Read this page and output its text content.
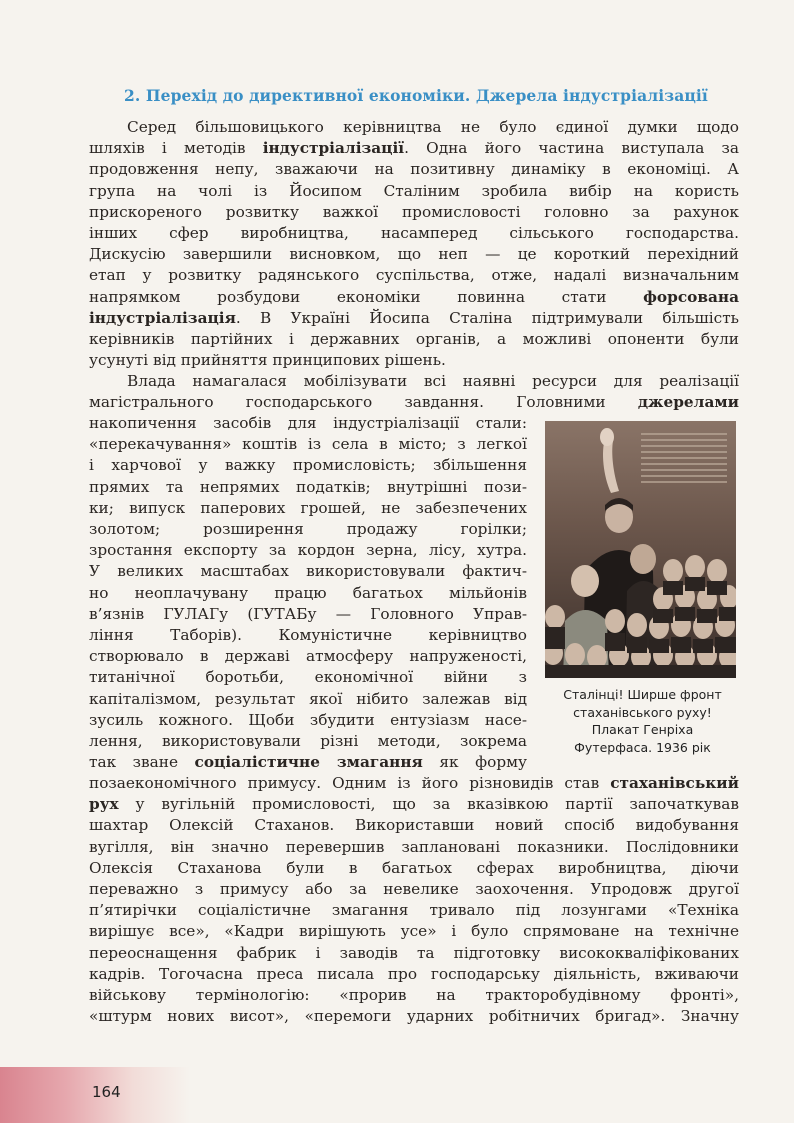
2. Перехід до директивної економіки. Джерела індустріалізації
Серед більшовицького керівництва не було єдиної думки щодо
шляхів і методів індустріалізації. Одна його частина виступала за
продовження непу, зважаючи на позитивну динаміку в економіці. А
група на чолі із Йосипом Сталіним зробила вибір на користь
прискореного розвитку важкої промисловості головно за рахунок
інших сфер виробництва, насамперед сільського господарства.
Дискусію завершили висновком, що неп — це короткий перехідний
етап у розвитку радянського суспільства, отже, надалі визначальним
напрямком розбудови економіки повинна стати форсована
індустріалізація. В Україні Йосипа Сталіна підтримували більшість
керівників партійних і державних органів, а можливі опоненти були
усунуті від прийняття принципових рішень.
Влада намагалася мобілізувати всі наявні ресурси для реалізації
магістрального господарського завдання. Головними джерелами
накопичення засобів для індустріалізації стали:
«перекачування» коштів із села в місто; з легкої
і харчової у важку промисловість; збільшення
прямих та непрямих податків; внутрішні пози-
ки; випуск паперових грошей, не забезпечених
золотом; розширення продажу горілки;
зростання експорту за кордон зерна, лісу, хутра.
У великих масштабах використовували фактич-
но неоплачувану працю багатьох мільйонів
в’язнів ГУЛАГу (ГУТАБу — Головного Управ-
ління Таборів). Комуністичне керівництво
створювало в державі атмосферу напруженості,
титанічної боротьби, економічної війни з
капіталізмом, результат якої нібито залежав від
зусиль кожного. Щоби збудити ентузіазм насе-
лення, використовували різні методи, зокрема
так зване соціалістичне змагання як форму
позаекономічного примусу. Одним із його різновидів став стаханівський
рух у вугільній промисловості, що за вказівкою партії започаткував
шахтар Олексій Стаханов. Використавши новий спосіб видобування
вугілля, він значно перевершив заплановані показники. Послідовники
Олексія Стаханова були в багатьох сферах виробництва, діючи
переважно з примусу або за невелике заохочення. Упродовж другої
п’ятирічки соціалістичне змагання тривало під лозунгами «Техніка
вирішує все», «Кадри вирішують усе» і було спрямоване на технічне
переоснащення фабрик і заводів та підготовку висококваліфікованих
кадрів. Тогочасна преса писала про господарську діяльність, вживаючи
військову термінологію: «прорив на тракторобудівному фронті»,
«штурм нових висот», «перемоги ударних робітничих бригад». Значну
Сталінці! Ширше фронт
стаханівського руху!
Плакат Генріха
Футерфаса. 1936 рік
164
